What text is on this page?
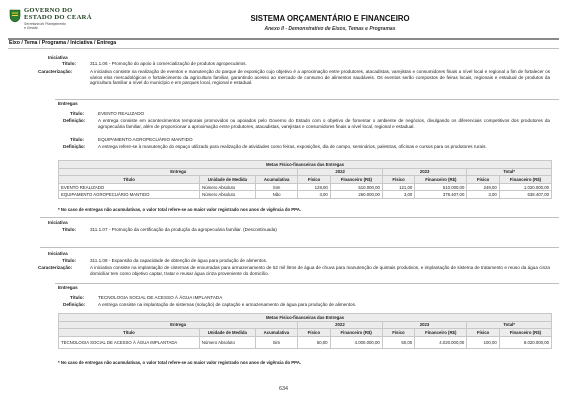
GOVERNO DO
ESTADO DO CEARÁ
Secretaria do Planejamento
e Gestão
SISTEMA ORÇAMENTÁRIO E FINANCEIRO
Anexo II - Demonstrativo de Eixos, Temas e Programas
Eixo / Tema / Programa / Iniciativa / Entrega
Iniciativa
Título:	311.1.06 - Promoção do apoio à comercialização de produtos agropecuários.
Caracterização:	A iniciativa consiste na realização de eventos e manutenção do parque de exposição cujo objetivo é a aproximação entre produtores, atacadistas, varejistas e consumidores finais a nível local e regional a fim de fortalecer os vários elos mercadológicos e fortalecimento da agricultura familiar, garantindo acesso ao mercado de consumo de alimentos saudáveis. Os eventos serão compostos de feiras locais, regionais e estadual de produtos da agricultura familiar a nível do município e em parques local, regional e estadual.
Entregas
Título:	EVENTO REALIZADO
Definição:	A entrega consiste em acontecimentos temporais promovidos ou apoiados pelo Governo do Estado com o objetivo de fomentar o ambiente de negócios, divulgando os diferenciais competitivos dos produtores da agropecuária familiar, além de proporcionar a aproximação entre produtores, atacadistas, varejistas e consumidores finais a nível local, regional e estadual.
Título:	EQUIPAMENTO AGROPECUÁRIO MANTIDO
Definição:	A entrega refere-se à manutenção do espaço utilizado para realização de atividades como feiras, exposições, dia de campo, seminários, palestras, oficinas e cursos para os produtores rurais.
Metas Físico-financeiras das Entregas								
Entrega			2022		2023		Total*	
Título	Unidade de Medida	Acumulativa	Físico	Financeiro (R$)	Físico	Financeiro (R$)	Físico	Financeiro (R$)
EVENTO REALIZADO	Número Absoluto	Sim	128,00	510.000,00	121,00	510.000,00	249,00	1.020.000,00
EQUIPAMENTO AGROPECUÁRIO MANTIDO	Número Absoluto	Não	3,00	260.000,00	3,00	378.407,00	3,00	638.407,00
* No caso de entregas não acumulativas, o valor total refere-se ao maior valor registrado nos anos de vigência do PPA.
Iniciativa
Título:	311.1.07 - Promoção da certificação da produção da agropecuária familiar. (Descontinuada)
Iniciativa
Título:	311.1.08 - Expansão da capacidade de obtenção de água para produção de alimentos.
Caracterização:	A iniciativa consiste na implantação de cisternas de enxurradas para armazenamento de 52 mil litros de água de chuva para manutenção de quintais produtivos, e implantação de sistema de tratamento e reuso da água cinza domiciliar tem como objetivo captar, tratar e reusar água cinza proveniente do domicílio.
Entregas
Título:	TECNOLOGIA SOCIAL DE ACESSO À ÁGUA IMPLANTADA
Definição:	A entrega consiste na implantação de sistemas (solução) de captação e armazenamento de água para produção de alimentos.
Metas Físico-financeiras das Entregas								
Entrega			2022		2023		Total*	
Título	Unidade de Medida	Acumulativa	Físico	Financeiro (R$)	Físico	Financeiro (R$)	Físico	Financeiro (R$)
TECNOLOGIA SOCIAL DE ACESSO À ÁGUA IMPLANTADA	Número Absoluto	Sim	50,00	4.000.000,00	50,00	4.020.000,00	100,00	8.020.000,00
* No caso de entregas não acumulativas, o valor total refere-se ao maior valor registrado nos anos de vigência do PPA.
634
